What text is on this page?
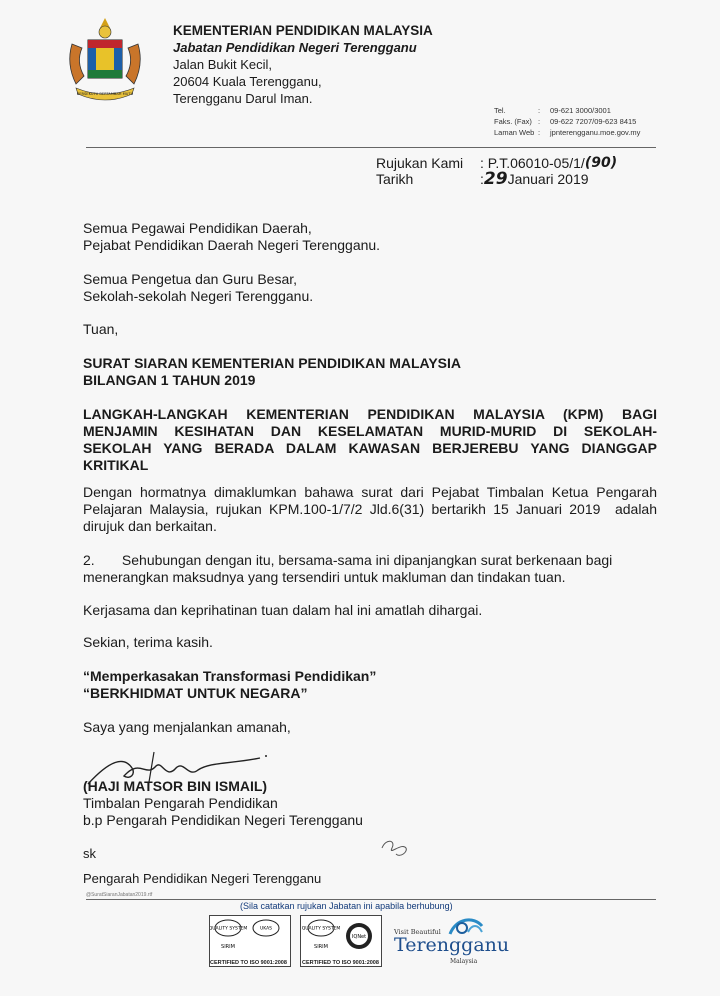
BERSEKUTU BERTAMBAH MUTU
KEMENTERIAN PENDIDIKAN MALAYSIA
Jabatan Pendidikan Negeri Terengganu
Jalan Bukit Kecil,
20604 Kuala Terengganu,
Terengganu Darul Iman.
Tel.	:	09-621 3000/3001
Faks. (Fax) :	09-622 7207/09-623 8415
Laman Web :	jpnterengganu.moe.gov.my
Rujukan Kami	: P.T.06010-05/1/ (90)
Tarikh	: 29 Januari 2019
Semua Pegawai Pendidikan Daerah,
Pejabat Pendidikan Daerah Negeri Terengganu.
Semua Pengetua dan Guru Besar,
Sekolah-sekolah Negeri Terengganu.
Tuan,
SURAT SIARAN KEMENTERIAN PENDIDIKAN MALAYSIA
BILANGAN 1 TAHUN 2019
LANGKAH-LANGKAH KEMENTERIAN PENDIDIKAN MALAYSIA (KPM) BAGI
MENJAMIN KESIHATAN DAN KESELAMATAN MURID-MURID DI SEKOLAH-
SEKOLAH YANG BERADA DALAM KAWASAN BERJEREBU YANG DIANGGAP
KRITIKAL
Dengan hormatnya dimaklumkan bahawa surat dari Pejabat Timbalan Ketua Pengarah
Pelajaran Malaysia, rujukan KPM.100-1/7/2 Jld.6(31) bertarikh 15 Januari 2019  adalah
dirujuk dan berkaitan.
2.       Sehubungan dengan itu, bersama-sama ini dipanjangkan surat berkenaan bagi
menerangkan maksudnya yang tersendiri untuk makluman dan tindakan tuan.
Kerjasama dan keprihatinan tuan dalam hal ini amatlah dihargai.
Sekian, terima kasih.
“Memperkasakan Transformasi Pendidikan”
“BERKHIDMAT UNTUK NEGARA”
Saya yang menjalankan amanah,
(HAJI MATSOR BIN ISMAIL)
Timbalan Pengarah Pendidikan
b.p Pengarah Pendidikan Negeri Terengganu
sk
Pengarah Pendidikan Negeri Terengganu
@SuratSiaranJabatan2019.rtf
(Sila catatkan rujukan Jabatan ini apabila berhubung)
QUALITY SYSTEM	UKAS
SIRIM
CERTIFIED TO ISO 9001:2008
QUALITY SYSTEM
IQNet
SIRIM
CERTIFIED TO ISO 9001:2008
Visit Beautiful
Terengganu
Malaysia
